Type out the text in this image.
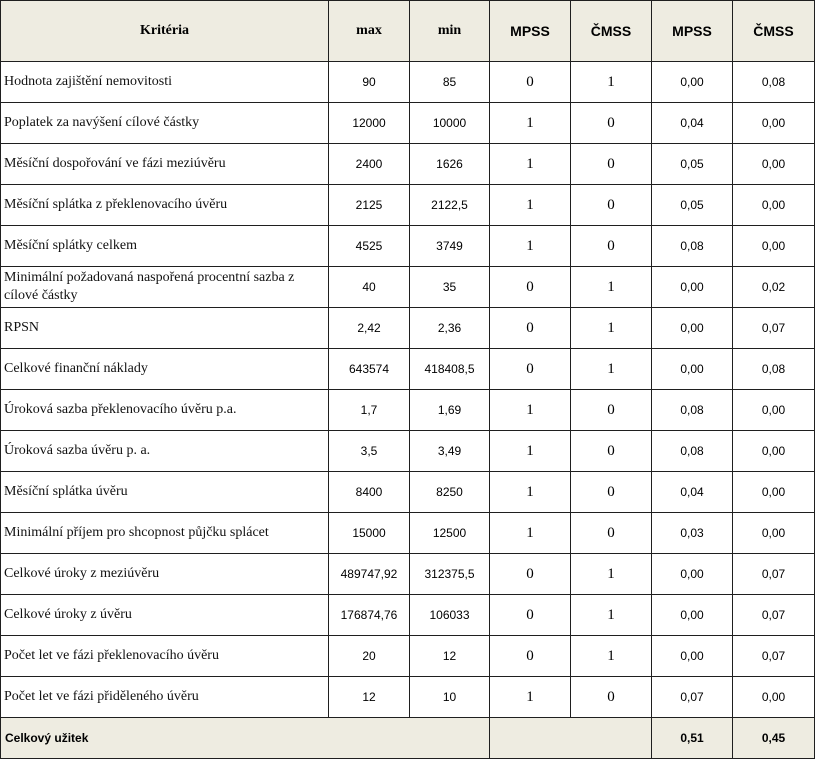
Kritéria	max	min	MPSS	ČMSS	MPSS	ČMSS
Hodnota zajištění nemovitosti	90	85	0	1	0,00	0,08
Poplatek za navýšení cílové částky	12000	10000	1	0	0,04	0,00
Měsíční dospořování ve fázi meziúvěru	2400	1626	1	0	0,05	0,00
Měsíční splátka z překlenovacího úvěru	2125	2122,5	1	0	0,05	0,00
Měsíční splátky celkem	4525	3749	1	0	0,08	0,00
Minimální požadovaná naspořená procentní sazba z cílové částky	40	35	0	1	0,00	0,02
RPSN	2,42	2,36	0	1	0,00	0,07
Celkové finanční náklady	643574	418408,5	0	1	0,00	0,08
Úroková sazba překlenovacího úvěru p.a.	1,7	1,69	1	0	0,08	0,00
Úroková sazba úvěru p. a.	3,5	3,49	1	0	0,08	0,00
Měsíční splátka úvěru	8400	8250	1	0	0,04	0,00
Minimální příjem pro shcopnost půjčku splácet	15000	12500	1	0	0,03	0,00
Celkové úroky z meziúvěru	489747,92	312375,5	0	1	0,00	0,07
Celkové úroky z úvěru	176874,76	106033	0	1	0,00	0,07
Počet let ve fázi překlenovacího úvěru	20	12	0	1	0,00	0,07
Počet let ve fázi přiděleného úvěru	12	10	1	0	0,07	0,00
Celkový užitek					0,51	0,45
